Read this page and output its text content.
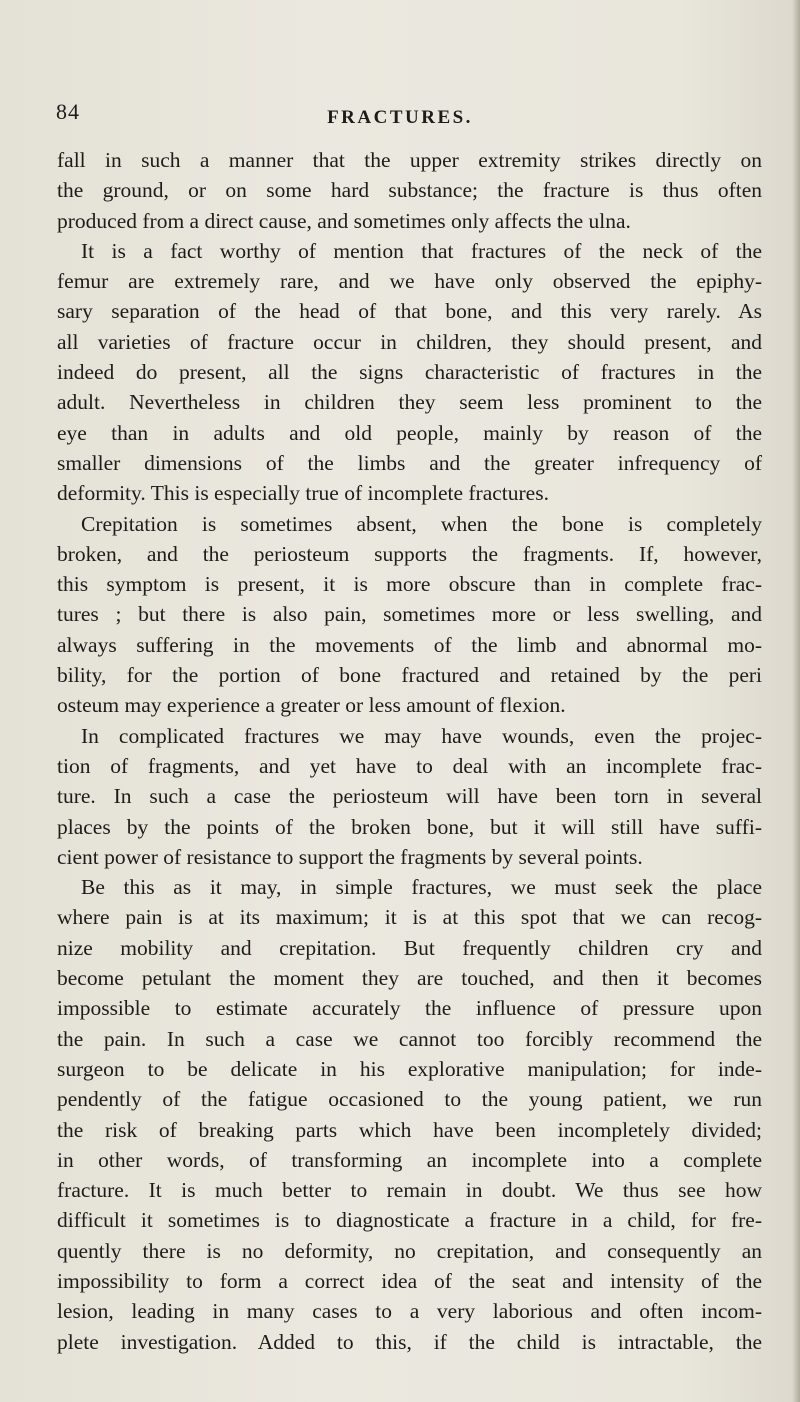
84	FRACTURES.
fall in such a manner that the upper extremity strikes directly on
the ground, or on some hard substance; the fracture is thus often
produced from a direct cause, and sometimes only affects the ulna.
It is a fact worthy of mention that fractures of the neck of the
femur are extremely rare, and we have only observed the epiphy-
sary separation of the head of that bone, and this very rarely. As
all varieties of fracture occur in children, they should present, and
indeed do present, all the signs characteristic of fractures in the
adult. Nevertheless in children they seem less prominent to the
eye than in adults and old people, mainly by reason of the
smaller dimensions of the limbs and the greater infrequency of
deformity. This is especially true of incomplete fractures.
Crepitation is sometimes absent, when the bone is completely
broken, and the periosteum supports the fragments. If, however,
this symptom is present, it is more obscure than in complete frac-
tures ; but there is also pain, sometimes more or less swelling, and
always suffering in the movements of the limb and abnormal mo-
bility, for the portion of bone fractured and retained by the peri
osteum may experience a greater or less amount of flexion.
In complicated fractures we may have wounds, even the projec-
tion of fragments, and yet have to deal with an incomplete frac-
ture. In such a case the periosteum will have been torn in several
places by the points of the broken bone, but it will still have suffi-
cient power of resistance to support the fragments by several points.
Be this as it may, in simple fractures, we must seek the place
where pain is at its maximum; it is at this spot that we can recog-
nize mobility and crepitation. But frequently children cry and
become petulant the moment they are touched, and then it becomes
impossible to estimate accurately the influence of pressure upon
the pain. In such a case we cannot too forcibly recommend the
surgeon to be delicate in his explorative manipulation; for inde-
pendently of the fatigue occasioned to the young patient, we run
the risk of breaking parts which have been incompletely divided;
in other words, of transforming an incomplete into a complete
fracture. It is much better to remain in doubt. We thus see how
difficult it sometimes is to diagnosticate a fracture in a child, for fre-
quently there is no deformity, no crepitation, and consequently an
impossibility to form a correct idea of the seat and intensity of the
lesion, leading in many cases to a very laborious and often incom-
plete investigation. Added to this, if the child is intractable, the
